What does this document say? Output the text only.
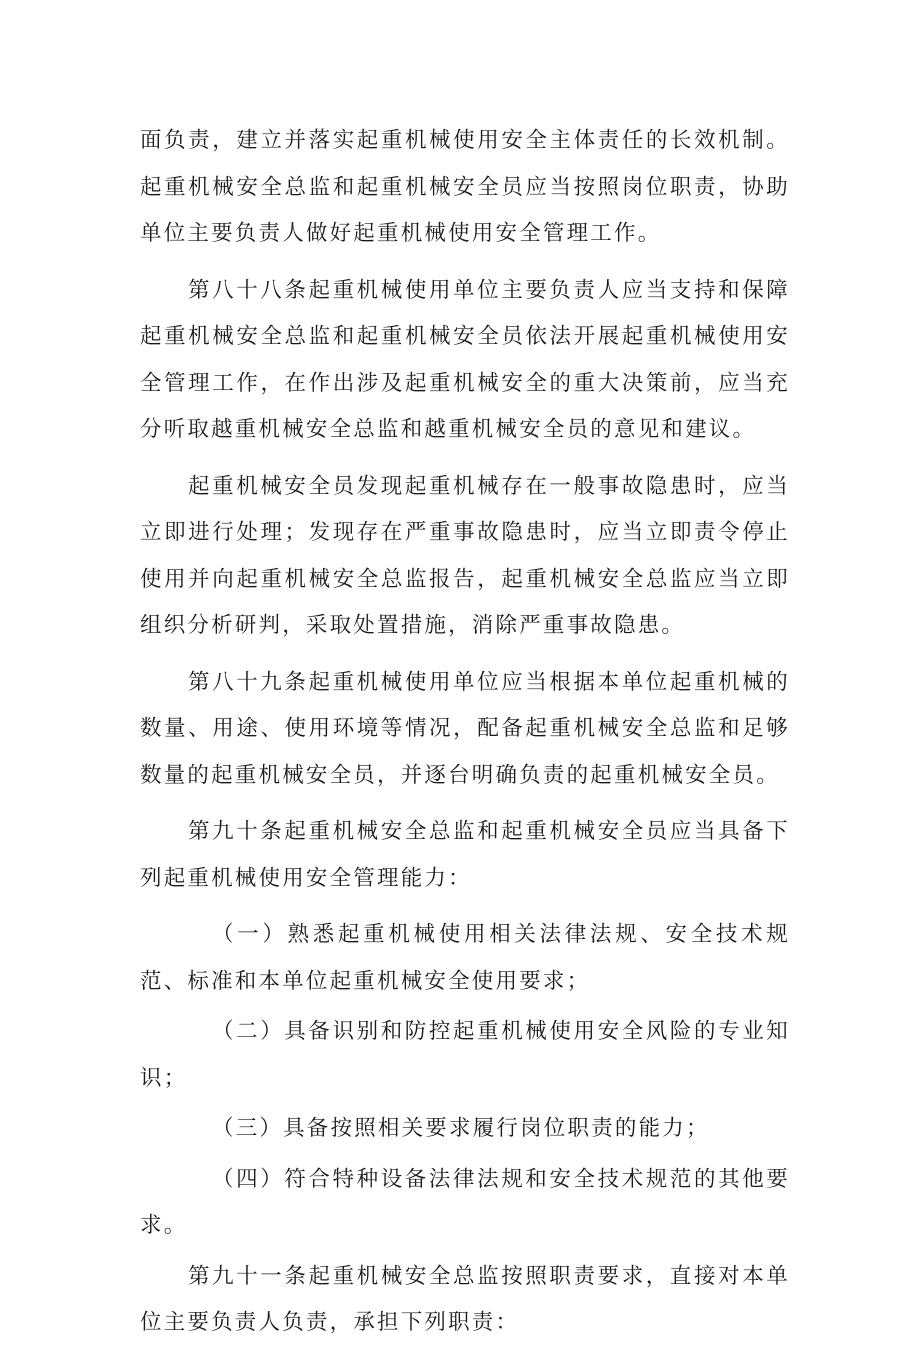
面负责，建立并落实起重机械使用安全主体责任的长效机制。起重机械安全总监和起重机械安全员应当按照岗位职责，协助单位主要负责人做好起重机械使用安全管理工作。

第八十八条起重机械使用单位主要负责人应当支持和保障起重机械安全总监和起重机械安全员依法开展起重机械使用安全管理工作，在作出涉及起重机械安全的重大决策前，应当充分听取越重机械安全总监和越重机械安全员的意见和建议。

起重机械安全员发现起重机械存在一般事故隐患时，应当立即进行处理；发现存在严重事故隐患时，应当立即责令停止使用并向起重机械安全总监报告，起重机械安全总监应当立即组织分析研判，采取处置措施，消除严重事故隐患。

第八十九条起重机械使用单位应当根据本单位起重机械的数量、用途、使用环境等情况，配备起重机械安全总监和足够数量的起重机械安全员，并逐台明确负责的起重机械安全员。

第九十条起重机械安全总监和起重机械安全员应当具备下列起重机械使用安全管理能力：

（一）熟悉起重机械使用相关法律法规、安全技术规范、标准和本单位起重机械安全使用要求；

（二）具备识别和防控起重机械使用安全风险的专业知识；

（三）具备按照相关要求履行岗位职责的能力；

（四）符合特种设备法律法规和安全技术规范的其他要求。

第九十一条起重机械安全总监按照职责要求，直接对本单位主要负责人负责，承担下列职责：
